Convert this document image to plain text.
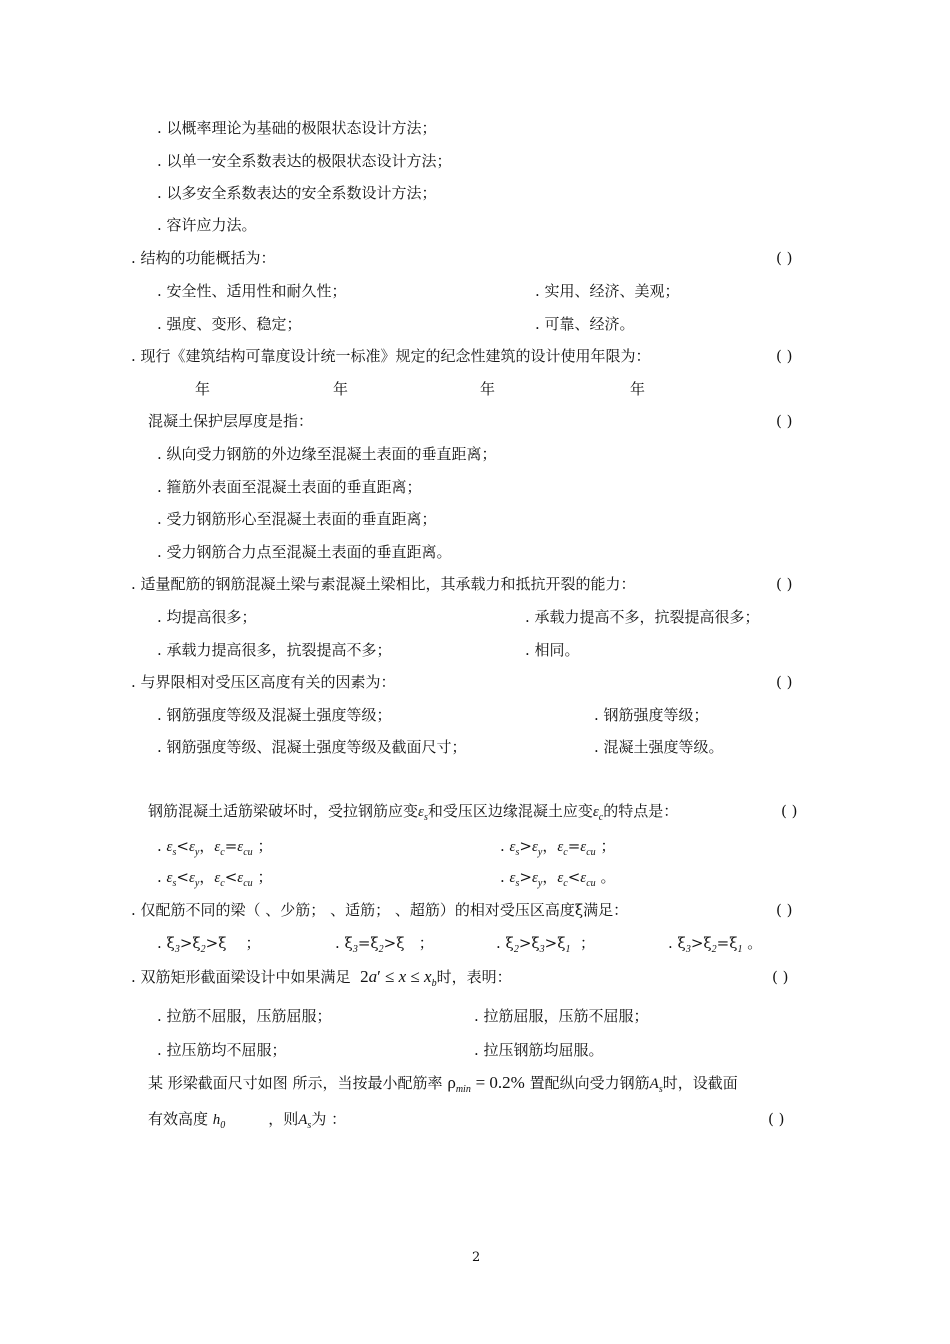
. 以概率理论为基础的极限状态设计方法；
. 以单一安全系数表达的极限状态设计方法；
. 以多安全系数表达的安全系数设计方法；
. 容许应力法。
. 结构的功能概括为：	( )
. 安全性、适用性和耐久性；	. 实用、经济、美观；
. 强度、变形、稳定；	. 可靠、经济。
. 现行《建筑结构可靠度设计统一标准》规定的纪念性建筑的设计使用年限为：	( )
年	年	年	年
混凝土保护层厚度是指：	( )
. 纵向受力钢筋的外边缘至混凝土表面的垂直距离；
. 箍筋外表面至混凝土表面的垂直距离；
. 受力钢筋形心至混凝土表面的垂直距离；
. 受力钢筋合力点至混凝土表面的垂直距离。
. 适量配筋的钢筋混凝土梁与素混凝土梁相比，其承载力和抵抗开裂的能力：	( )
. 均提高很多；	. 承载力提高不多，抗裂提高很多；
. 承载力提高很多，抗裂提高不多；	. 相同。
. 与界限相对受压区高度有关的因素为：	( )
. 钢筋强度等级及混凝土强度等级；	. 钢筋强度等级；
. 钢筋强度等级、混凝土强度等级及截面尺寸；	. 混凝土强度等级。
钢筋混凝土适筋梁破坏时，受拉钢筋应变$\varepsilon_s$和受压区边缘混凝土应变$\varepsilon_c$的特点是：	( )
. $\varepsilon_s<\varepsilon_y$，$\varepsilon_c=\varepsilon_{cu}$ ；	. $\varepsilon_s>\varepsilon_y$，$\varepsilon_c=\varepsilon_{cu}$ ；
. $\varepsilon_s<\varepsilon_y$，$\varepsilon_c<\varepsilon_{cu}$ ；	. $\varepsilon_s>\varepsilon_y$，$\varepsilon_c<\varepsilon_{cu}$ 。
. 仅配筋不同的梁（ 、少筋； 、适筋； 、超筋）的相对受压区高度ξ满足：	( )
. $\xi_3>\xi_2>\xi$    ；	. $\xi_3=\xi_2>\xi$   ；	. $\xi_2>\xi_3>\xi_1$  ；	. $\xi_3>\xi_2=\xi_1$ 。
. 双筋矩形截面梁设计中如果满足 $2a' \le x \le x_b$时，表明：	( )
. 拉筋不屈服，压筋屈服；	. 拉筋屈服，压筋不屈服；
. 拉压筋均不屈服；	. 拉压钢筋均屈服。
某 形梁截面尺寸如图 所示，当按最小配筋率 $\rho_{min} = 0.2\%$ 置配纵向受力钢筋$A_s$时，设截面
有效高度 $h_0$	，则$A_s$为 ：	( )
2
